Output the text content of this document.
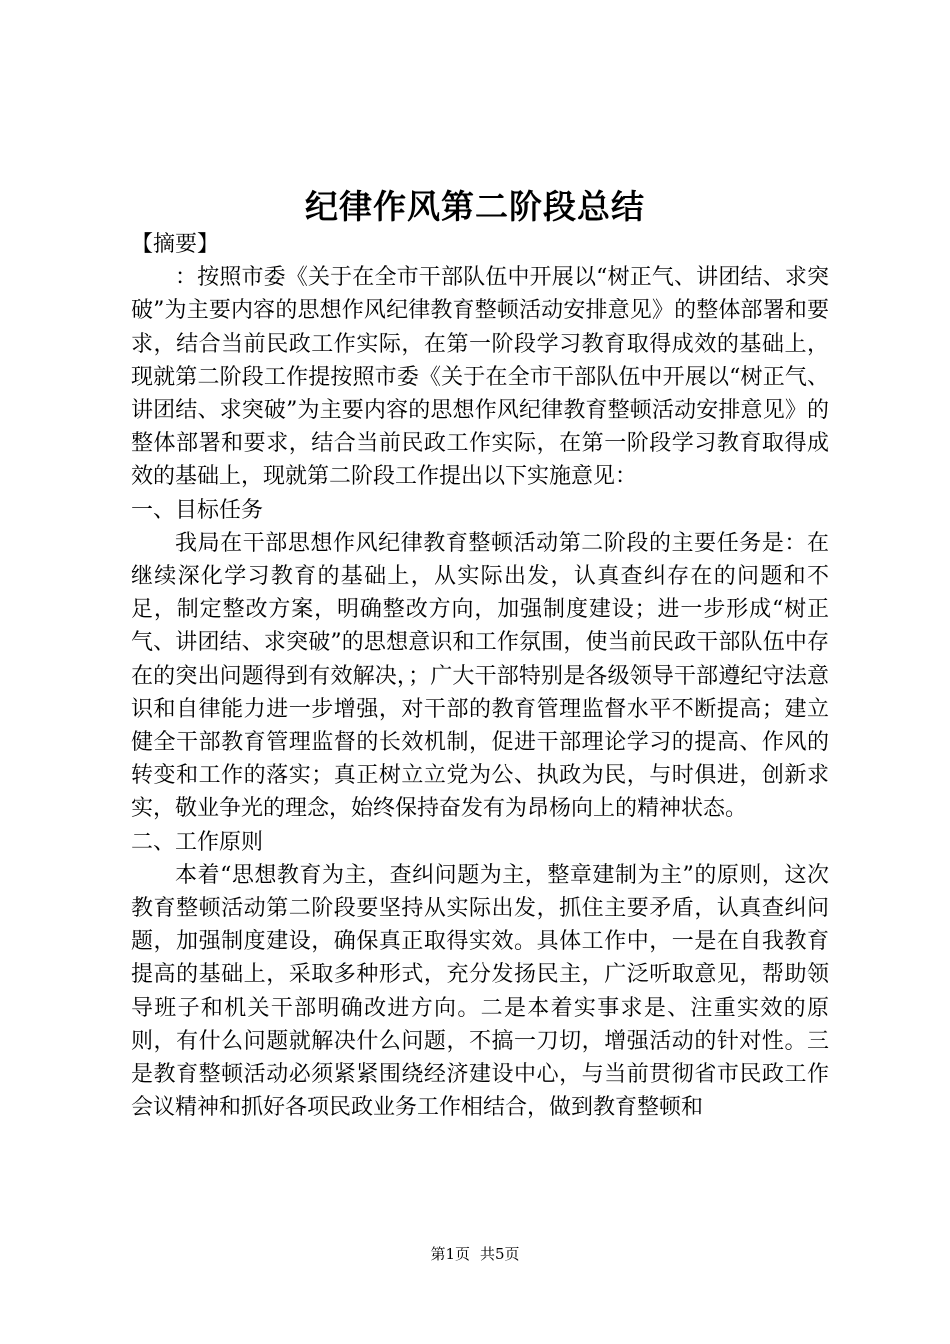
纪律作风第二阶段总结

【摘要】

：按照市委《关于在全市干部队伍中开展以“树正气、讲团结、求突破”为主要内容的思想作风纪律教育整顿活动安排意见》的整体部署和要求，结合当前民政工作实际，在第一阶段学习教育取得成效的基础上，现就第二阶段工作提按照市委《关于在全市干部队伍中开展以“树正气、讲团结、求突破”为主要内容的思想作风纪律教育整顿活动安排意见》的整体部署和要求，结合当前民政工作实际，在第一阶段学习教育取得成效的基础上，现就第二阶段工作提出以下实施意见：

一、目标任务

我局在干部思想作风纪律教育整顿活动第二阶段的主要任务是：在继续深化学习教育的基础上，从实际出发，认真查纠存在的问题和不足，制定整改方案，明确整改方向，加强制度建设；进一步形成“树正气、讲团结、求突破”的思想意识和工作氛围，使当前民政干部队伍中存在的突出问题得到有效解决，；广大干部特别是各级领导干部遵纪守法意识和自律能力进一步增强，对干部的教育管理监督水平不断提高；建立健全干部教育管理监督的长效机制，促进干部理论学习的提高、作风的转变和工作的落实；真正树立立党为公、执政为民，与时俱进，创新求实，敬业争光的理念，始终保持奋发有为昂杨向上的精神状态。

二、工作原则

本着“思想教育为主，查纠问题为主，整章建制为主”的原则，这次教育整顿活动第二阶段要坚持从实际出发，抓住主要矛盾，认真查纠问题，加强制度建设，确保真正取得实效。具体工作中，一是在自我教育提高的基础上，采取多种形式，充分发扬民主，广泛听取意见，帮助领导班子和机关干部明确改进方向。二是本着实事求是、注重实效的原则，有什么问题就解决什么问题，不搞一刀切，增强活动的针对性。三是教育整顿活动必须紧紧围绕经济建设中心，与当前贯彻省市民政工作会议精神和抓好各项民政业务工作相结合，做到教育整顿和

第1页 共5页
